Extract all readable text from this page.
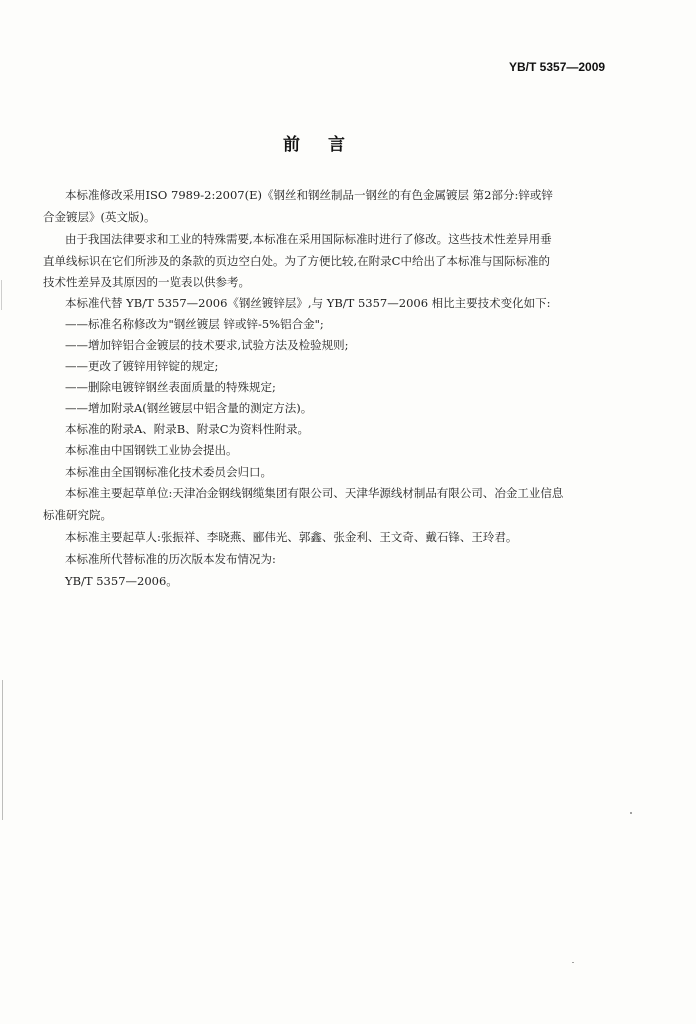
YB/T 5357—2009
前言
本标准修改采用ISO 7989-2:2007(E)《钢丝和钢丝制品一钢丝的有色金属镀层 第2部分:锌或锌
合金镀层》(英文版)。
由于我国法律要求和工业的特殊需要,本标准在采用国际标准时进行了修改。这些技术性差异用垂
直单线标识在它们所涉及的条款的页边空白处。为了方便比较,在附录C中给出了本标准与国际标准的
技术性差异及其原因的一览表以供参考。
本标准代替 YB/T 5357—2006《钢丝镀锌层》,与 YB/T 5357—2006 相比主要技术变化如下:
——标准名称修改为"钢丝镀层 锌或锌-5%铝合金";
——增加锌铝合金镀层的技术要求,试验方法及检验规则;
——更改了镀锌用锌锭的规定;
——删除电镀锌钢丝表面质量的特殊规定;
——增加附录A(钢丝镀层中铝含量的测定方法)。
本标准的附录A、附录B、附录C为资料性附录。
本标准由中国钢铁工业协会提出。
本标准由全国钢标准化技术委员会归口。
本标准主要起草单位:天津冶金钢线钢缆集团有限公司、天津华源线材制品有限公司、冶金工业信息
标准研究院。
本标准主要起草人:张振祥、李晓燕、郦伟光、郭鑫、张金利、王文奇、戴石锋、王玲君。
本标准所代替标准的历次版本发布情况为:
YB/T 5357—2006。
